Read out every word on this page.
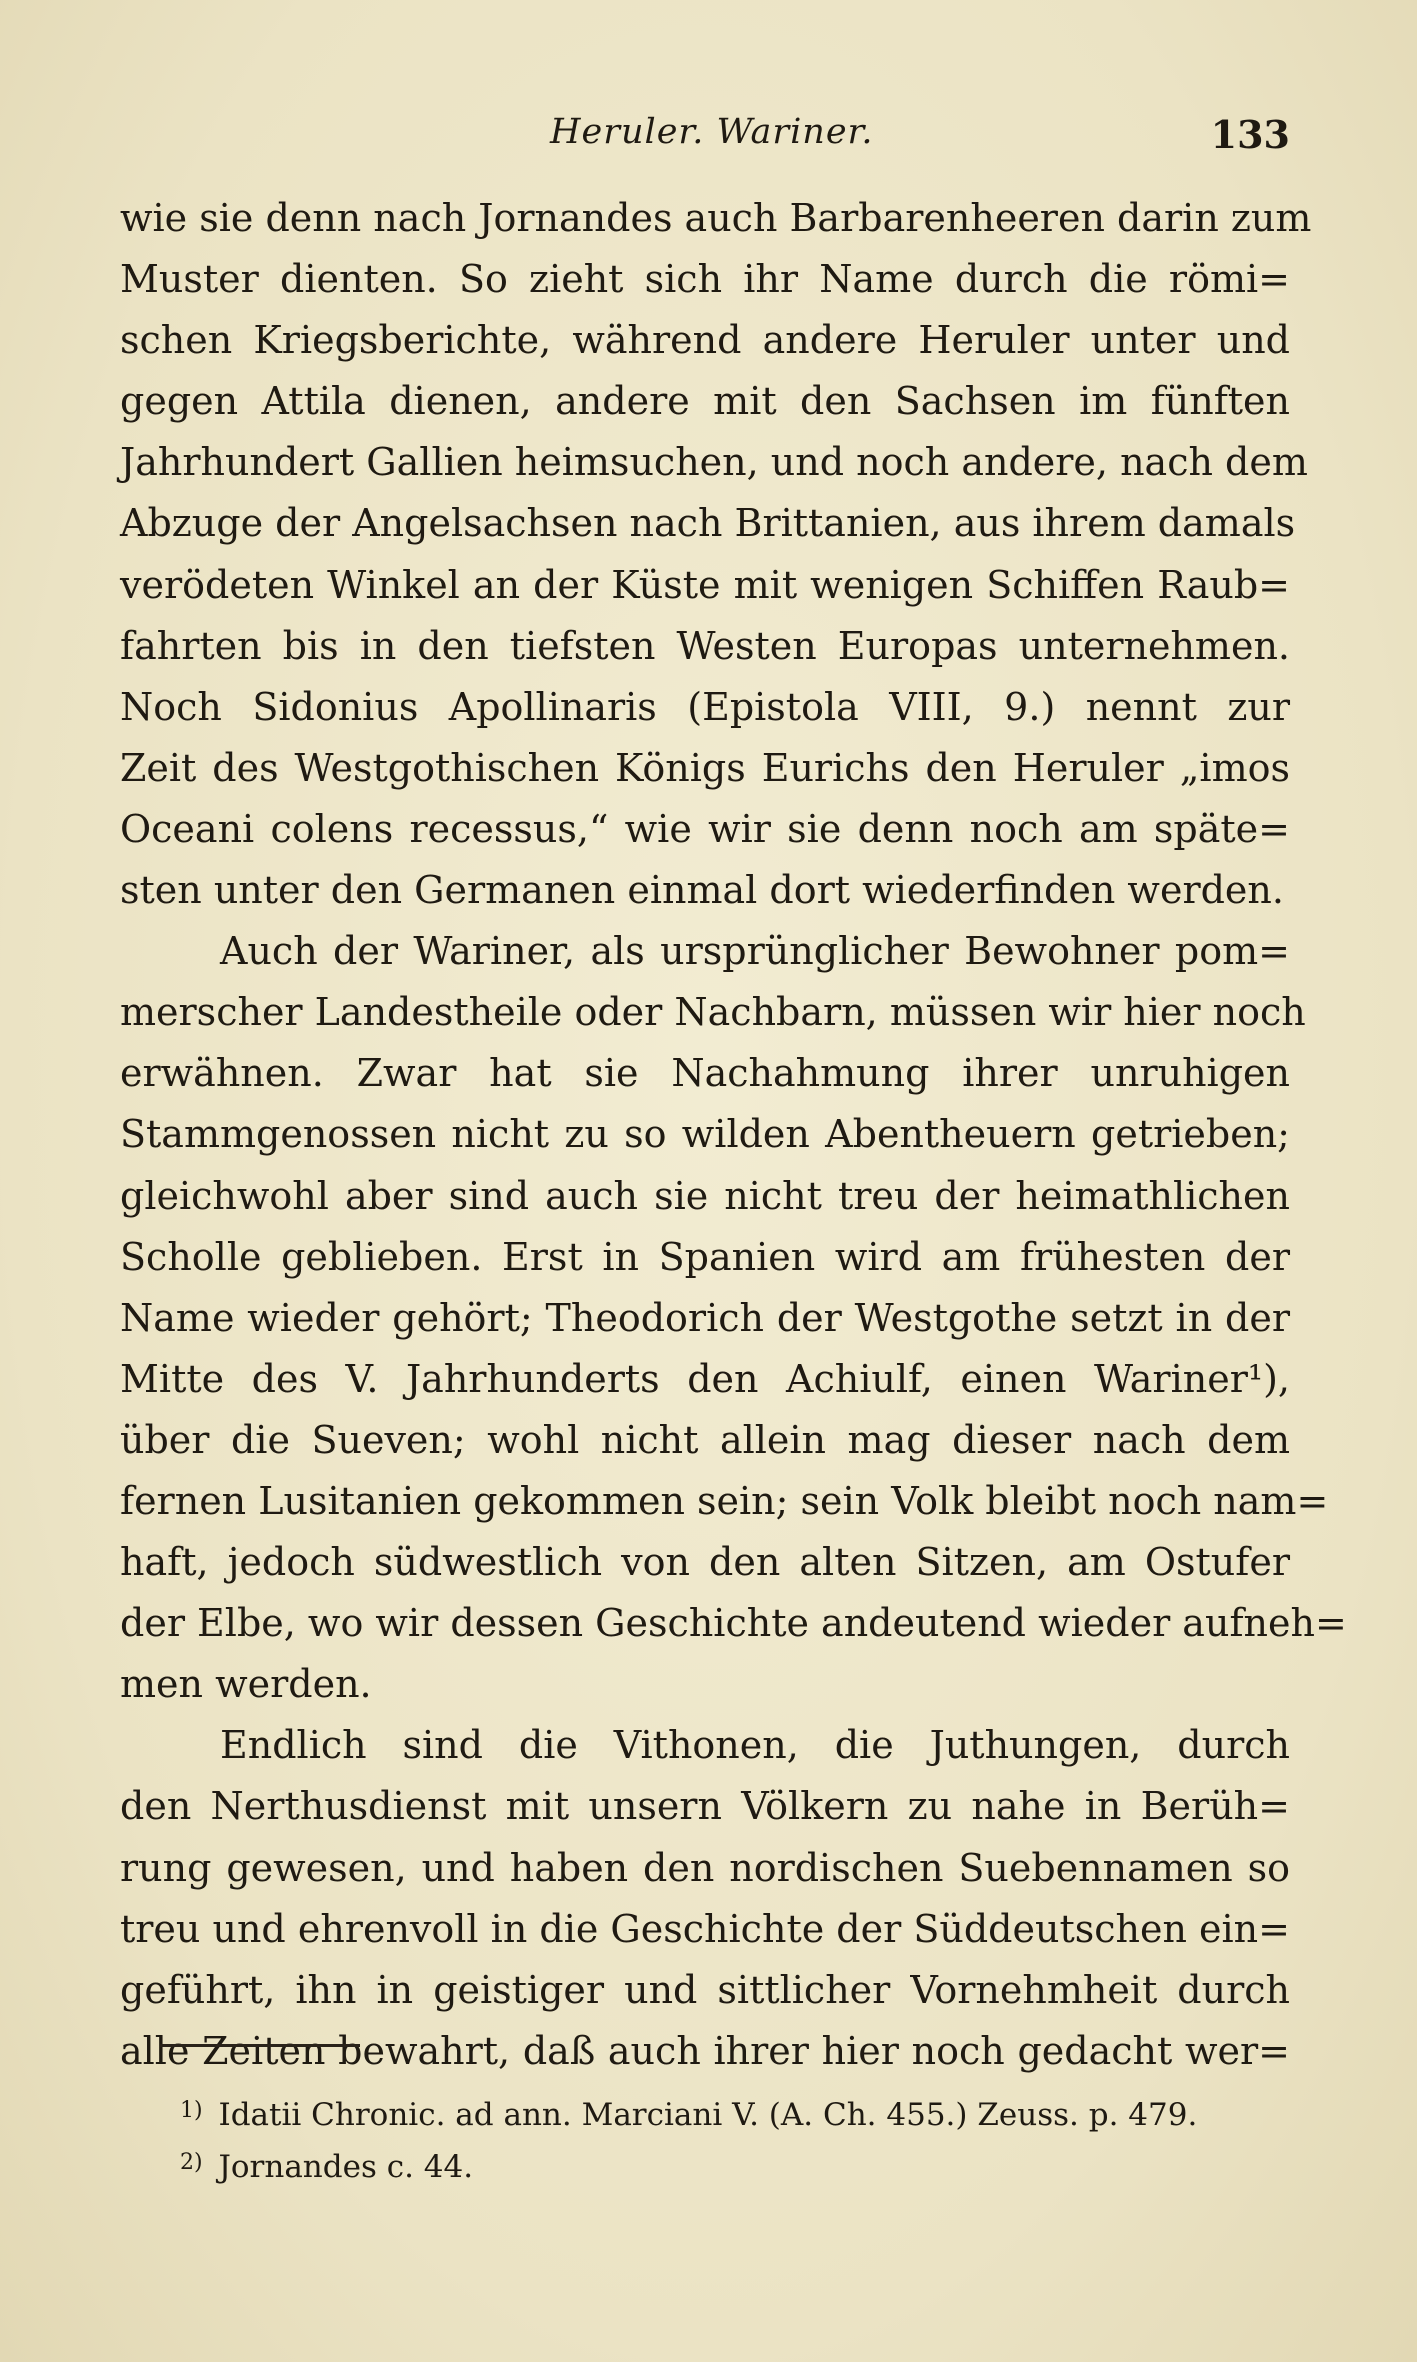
Heruler. Wariner.	133
wie sie denn nach Jornandes auch Barbarenheeren darin zum
Muster dienten. So zieht sich ihr Name durch die römi=
schen Kriegsberichte, während andere Heruler unter und
gegen Attila dienen, andere mit den Sachsen im fünften
Jahrhundert Gallien heimsuchen, und noch andere, nach dem
Abzuge der Angelsachsen nach Brittanien, aus ihrem damals
verödeten Winkel an der Küste mit wenigen Schiffen Raub=
fahrten bis in den tiefsten Westen Europas unternehmen.
Noch Sidonius Apollinaris (Epistola VIII, 9.) nennt zur
Zeit des Westgothischen Königs Eurichs den Heruler „imos
Oceani colens recessus,“ wie wir sie denn noch am späte=
sten unter den Germanen einmal dort wiederfinden werden.
Auch der Wariner, als ursprünglicher Bewohner pom=
merscher Landestheile oder Nachbarn, müssen wir hier noch
erwähnen. Zwar hat sie Nachahmung ihrer unruhigen
Stammgenossen nicht zu so wilden Abentheuern getrieben;
gleichwohl aber sind auch sie nicht treu der heimathlichen
Scholle geblieben. Erst in Spanien wird am frühesten der
Name wieder gehört; Theodorich der Westgothe setzt in der
Mitte des V. Jahrhunderts den Achiulf, einen Wariner¹),
über die Sueven; wohl nicht allein mag dieser nach dem
fernen Lusitanien gekommen sein; sein Volk bleibt noch nam=
haft, jedoch südwestlich von den alten Sitzen, am Ostufer
der Elbe, wo wir dessen Geschichte andeutend wieder aufneh=
men werden.
Endlich sind die Vithonen, die Juthungen, durch
den Nerthusdienst mit unsern Völkern zu nahe in Berüh=
rung gewesen, und haben den nordischen Suebennamen so
treu und ehrenvoll in die Geschichte der Süddeutschen ein=
geführt, ihn in geistiger und sittlicher Vornehmheit durch
alle Zeiten bewahrt, daß auch ihrer hier noch gedacht wer=
$^{1)}$ Idatii Chronic. ad ann. Marciani V. (A. Ch. 455.) Zeuss. p. 479.
$^{2)}$ Jornandes c. 44.
